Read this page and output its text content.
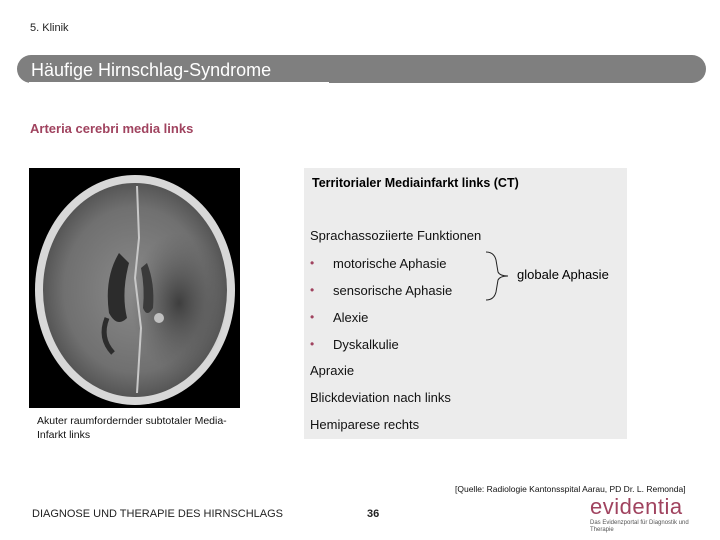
5. Klinik
Häufige Hirnschlag-Syndrome
Arteria cerebri media links
Akuter raumfordernder subtotaler Media-Infarkt links
Territorialer Mediainfarkt links (CT)
Sprachassoziierte Funktionen
• motorische Aphasie
• sensorische Aphasie
• Alexie
• Dyskalkulie
globale Aphasie
Apraxie
Blickdeviation nach links
Hemiparese rechts
[Quelle: Radiologie Kantonsspital Aarau, PD Dr. L. Remonda]
DIAGNOSE UND THERAPIE DES HIRNSCHLAGS	36	evidentia
Das Evidenzportal für Diagnostik und Therapie
